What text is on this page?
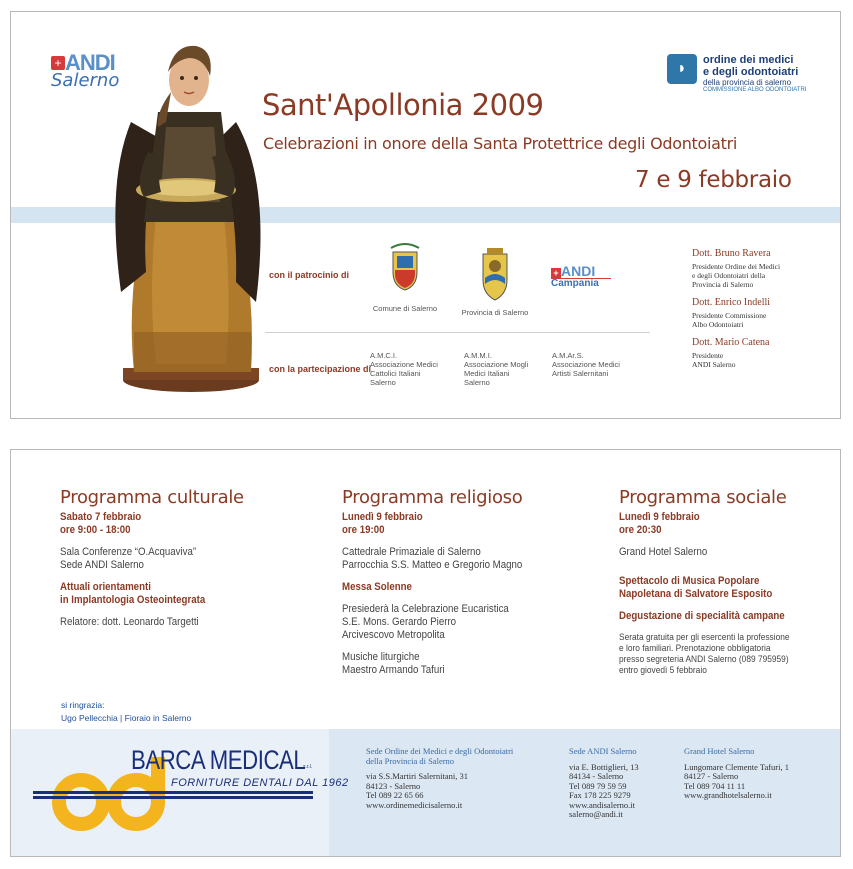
+ ANDI
Salerno
◗	ordine dei medici
e degli odontoiatri
della provincia di salerno
COMMISSIONE ALBO ODONTOIATRI
Sant'Apollonia 2009
Celebrazioni in onore della Santa Protettrice degli Odontoiatri
7 e 9 febbraio
con il patrocinio di
Comune di Salerno	Provincia di Salerno
+ ANDI
Campania
con la partecipazione di
A.M.C.I.
Associazione Medici
Cattolici Italiani
Salerno
A.M.M.I.
Associazione Mogli
Medici Italiani
Salerno
A.M.Ar.S.
Associazione Medici
Artisti Salernitani
Dott. Bruno Ravera
Presidente Ordine dei Medici
e degli Odontoiatri della
Provincia di Salerno
Dott. Enrico Indelli
Presidente Commissione
Albo Odontoiatri
Dott. Mario Catena
Presidente
ANDI Salerno
Programma culturale

Sabato 7 febbraio

ore 9:00 - 18:00

Sala Conferenze “O.Acquaviva”

Sede ANDI Salerno

Attuali orientamenti

in Implantologia Osteointegrata

Relatore: dott. Leonardo Targetti

Programma religioso

Lunedì 9 febbraio

ore 19:00

Cattedrale Primaziale di Salerno

Parrocchia S.S. Matteo e Gregorio Magno

Messa Solenne

Presiederà la Celebrazione Eucaristica

S.E. Mons. Gerardo Pierro

Arcivescovo Metropolita

Musiche liturgiche

Maestro Armando Tafuri

Programma sociale

Lunedì 9 febbraio

ore 20:30

Grand Hotel Salerno

Spettacolo di Musica Popolare

Napoletana di Salvatore Esposito

Degustazione di specialità campane

Serata gratuita per gli esercenti la professione

e loro familiari. Prenotazione obbligatoria

presso segreteria ANDI Salerno (089 795959)

entro giovedì 5 febbraio

si ringrazia:
Ugo Pellecchia | Fioraio in Salerno
BARCA MEDICAL
s.r.l.
FORNITURE DENTALI DAL 1962
Sede Ordine dei Medici e degli Odontoiatri
della Provincia di Salerno
via S.S.Martiri Salernitani, 31
84123 - Salerno
Tel 089 22 65 66
www.ordinemedicisalerno.it
Sede ANDI Salerno
via E. Bottiglieri, 13
84134 - Salerno
Tel 089 79 59 59
Fax 178 225 9279
www.andisalerno.it
salerno@andi.it
Grand Hotel Salerno
Lungomare Clemente Tafuri, 1
84127 - Salerno
Tel 089 704 11 11
www.grandhotelsalerno.it
